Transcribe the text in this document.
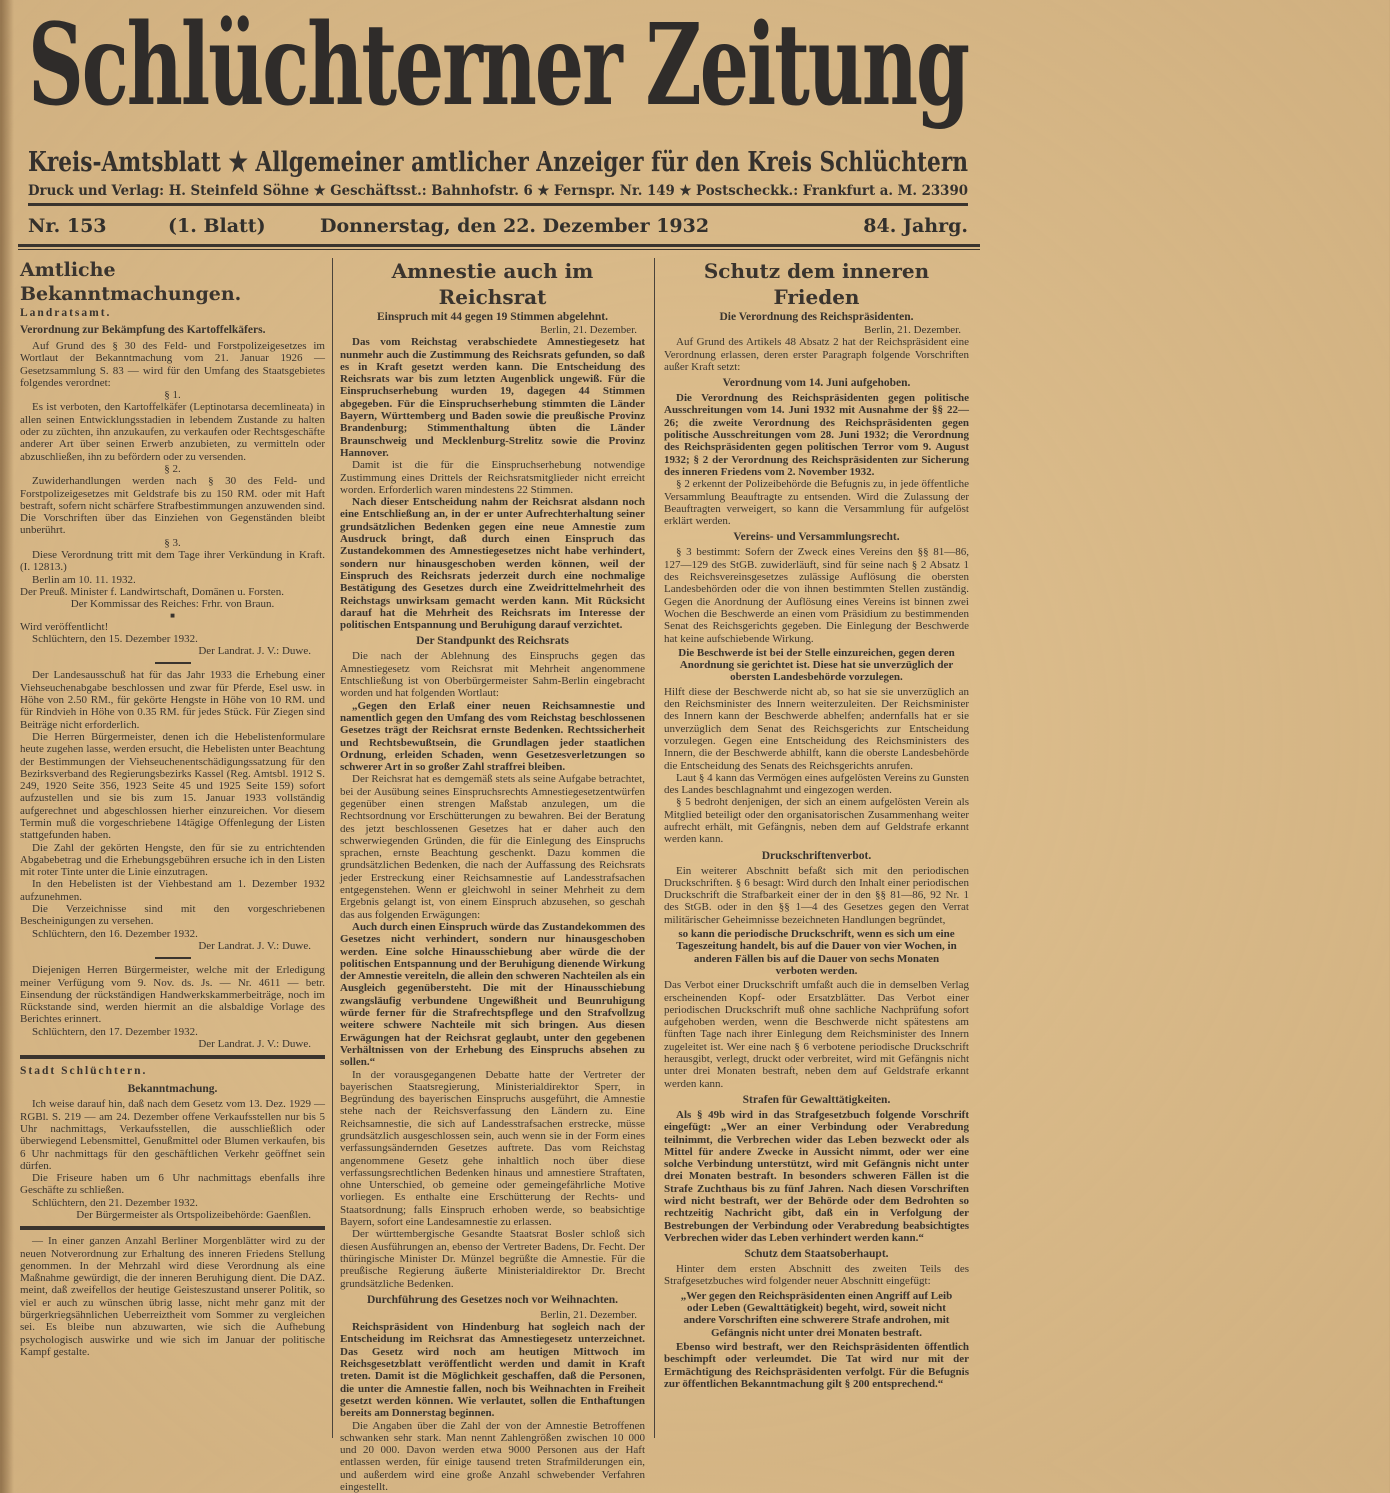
Schlüchterner Zeitung
Kreis-Amtsblatt ★ Allgemeiner amtlicher Anzeiger für den Kreis Schlüchtern
Druck und Verlag: H. Steinfeld Söhne ★ Geschäftsst.: Bahnhofstr. 6 ★ Fernspr. Nr. 149 ★ Postscheckk.: Frankfurt a. M. 23390
Nr. 153	(1. Blatt)	Donnerstag, den 22. Dezember 1932	84. Jahrg.
Amtliche Bekanntmachungen.
Landratsamt.
Verordnung zur Bekämpfung des Kartoffelkäfers.
Auf Grund des § 30 des Feld- und Forstpolizeigesetzes im Wortlaut der Bekanntmachung vom 21. Januar 1926 — Gesetzsammlung S. 83 — wird für den Umfang des Staatsgebietes folgendes verordnet:
§ 1.
Es ist verboten, den Kartoffelkäfer (Leptinotarsa decemlineata) in allen seinen Entwicklungsstadien in lebendem Zustande zu halten oder zu züchten, ihn anzukaufen, zu verkaufen oder Rechtsgeschäfte anderer Art über seinen Erwerb anzubieten, zu vermitteln oder abzuschließen, ihn zu befördern oder zu versenden.
§ 2.
Zuwiderhandlungen werden nach § 30 des Feld- und Forstpolizeigesetzes mit Geldstrafe bis zu 150 RM. oder mit Haft bestraft, sofern nicht schärfere Strafbestimmungen anzuwenden sind. Die Vorschriften über das Einziehen von Gegenständen bleibt unberührt.
§ 3.
Diese Verordnung tritt mit dem Tage ihrer Verkündung in Kraft. (I. 12813.)
Berlin am 10. 11. 1932.
Der Preuß. Minister f. Landwirtschaft, Domänen u. Forsten.
Der Kommissar des Reiches: Frhr. von Braun.
■
Wird veröffentlicht!
Schlüchtern, den 15. Dezember 1932.
Der Landrat. J. V.: Duwe.
Der Landesausschuß hat für das Jahr 1933 die Erhebung einer Viehseuchenabgabe beschlossen und zwar für Pferde, Esel usw. in Höhe von 2.50 RM., für gekörte Hengste in Höhe von 10 RM. und für Rindvieh in Höhe von 0.35 RM. für jedes Stück. Für Ziegen sind Beiträge nicht erforderlich.
Die Herren Bürgermeister, denen ich die Hebelistenformulare heute zugehen lasse, werden ersucht, die Hebelisten unter Beachtung der Bestimmungen der Viehseuchenentschädigungssatzung für den Bezirksverband des Regierungsbezirks Kassel (Reg. Amtsbl. 1912 S. 249, 1920 Seite 356, 1923 Seite 45 und 1925 Seite 159) sofort aufzustellen und sie bis zum 15. Januar 1933 vollständig aufgerechnet und abgeschlossen hierher einzureichen. Vor diesem Termin muß die vorgeschriebene 14tägige Offenlegung der Listen stattgefunden haben.
Die Zahl der gekörten Hengste, den für sie zu entrichtenden Abgabebetrag und die Erhebungsgebühren ersuche ich in den Listen mit roter Tinte unter die Linie einzutragen.
In den Hebelisten ist der Viehbestand am 1. Dezember 1932 aufzunehmen.
Die Verzeichnisse sind mit den vorgeschriebenen Bescheinigungen zu versehen.
Schlüchtern, den 16. Dezember 1932.
Der Landrat. J. V.: Duwe.
Diejenigen Herren Bürgermeister, welche mit der Erledigung meiner Verfügung vom 9. Nov. ds. Js. — Nr. 4611 — betr. Einsendung der rückständigen Handwerkskammerbeiträge, noch im Rückstande sind, werden hiermit an die alsbaldige Vorlage des Berichtes erinnert.
Schlüchtern, den 17. Dezember 1932.
Der Landrat. J. V.: Duwe.
Stadt Schlüchtern.
Bekanntmachung.
Ich weise darauf hin, daß nach dem Gesetz vom 13. Dez. 1929 — RGBl. S. 219 — am 24. Dezember offene Verkaufsstellen nur bis 5 Uhr nachmittags, Verkaufsstellen, die ausschließlich oder überwiegend Lebensmittel, Genußmittel oder Blumen verkaufen, bis 6 Uhr nachmittags für den geschäftlichen Verkehr geöffnet sein dürfen.
Die Friseure haben um 6 Uhr nachmittags ebenfalls ihre Geschäfte zu schließen.
Schlüchtern, den 21. Dezember 1932.
Der Bürgermeister als Ortspolizeibehörde: Gaenßlen.
— In einer ganzen Anzahl Berliner Morgenblätter wird zu der neuen Notverordnung zur Erhaltung des inneren Friedens Stellung genommen. In der Mehrzahl wird diese Verordnung als eine Maßnahme gewürdigt, die der inneren Beruhigung dient. Die DAZ. meint, daß zweifellos der heutige Geisteszustand unserer Politik, so viel er auch zu wünschen übrig lasse, nicht mehr ganz mit der bürgerkriegsähnlichen Ueberreiztheit vom Sommer zu vergleichen sei. Es bleibe nun abzuwarten, wie sich die Aufhebung psychologisch auswirke und wie sich im Januar der politische Kampf gestalte.
Amnestie auch im Reichsrat
Einspruch mit 44 gegen 19 Stimmen abgelehnt.
Berlin, 21. Dezember.
Das vom Reichstag verabschiedete Amnestiegesetz hat nunmehr auch die Zustimmung des Reichsrats gefunden, so daß es in Kraft gesetzt werden kann. Die Entscheidung des Reichsrats war bis zum letzten Augenblick ungewiß. Für die Einspruchserhebung wurden 19, dagegen 44 Stimmen abgegeben. Für die Einspruchserhebung stimmten die Länder Bayern, Württemberg und Baden sowie die preußische Provinz Brandenburg; Stimmenthaltung übten die Länder Braunschweig und Mecklenburg-Strelitz sowie die Provinz Hannover.
Damit ist die für die Einspruchserhebung notwendige Zustimmung eines Drittels der Reichsratsmitglieder nicht erreicht worden. Erforderlich waren mindestens 22 Stimmen.
Nach dieser Entscheidung nahm der Reichsrat alsdann noch eine Entschließung an, in der er unter Aufrechterhaltung seiner grundsätzlichen Bedenken gegen eine neue Amnestie zum Ausdruck bringt, daß durch einen Einspruch das Zustandekommen des Amnestiegesetzes nicht habe verhindert, sondern nur hinausgeschoben werden können, weil der Einspruch des Reichsrats jederzeit durch eine nochmalige Bestätigung des Gesetzes durch eine Zweidrittelmehrheit des Reichstags unwirksam gemacht werden kann. Mit Rücksicht darauf hat die Mehrheit des Reichsrats im Interesse der politischen Entspannung und Beruhigung darauf verzichtet.
Der Standpunkt des Reichsrats
Die nach der Ablehnung des Einspruchs gegen das Amnestiegesetz vom Reichsrat mit Mehrheit angenommene Entschließung ist von Oberbürgermeister Sahm-Berlin eingebracht worden und hat folgenden Wortlaut:
„Gegen den Erlaß einer neuen Reichsamnestie und namentlich gegen den Umfang des vom Reichstag beschlossenen Gesetzes trägt der Reichsrat ernste Bedenken. Rechtssicherheit und Rechtsbewußtsein, die Grundlagen jeder staatlichen Ordnung, erleiden Schaden, wenn Gesetzesverletzungen so schwerer Art in so großer Zahl straffrei bleiben.
Der Reichsrat hat es demgemäß stets als seine Aufgabe betrachtet, bei der Ausübung seines Einspruchsrechts Amnestiegesetzentwürfen gegenüber einen strengen Maßstab anzulegen, um die Rechtsordnung vor Erschütterungen zu bewahren. Bei der Beratung des jetzt beschlossenen Gesetzes hat er daher auch den schwerwiegenden Gründen, die für die Einlegung des Einspruchs sprachen, ernste Beachtung geschenkt. Dazu kommen die grundsätzlichen Bedenken, die nach der Auffassung des Reichsrats jeder Erstreckung einer Reichsamnestie auf Landesstrafsachen entgegenstehen. Wenn er gleichwohl in seiner Mehrheit zu dem Ergebnis gelangt ist, von einem Einspruch abzusehen, so geschah das aus folgenden Erwägungen:
Auch durch einen Einspruch würde das Zustandekommen des Gesetzes nicht verhindert, sondern nur hinausgeschoben werden. Eine solche Hinausschiebung aber würde die der politischen Entspannung und der Beruhigung dienende Wirkung der Amnestie vereiteln, die allein den schweren Nachteilen als ein Ausgleich gegenübersteht. Die mit der Hinausschiebung zwangsläufig verbundene Ungewißheit und Beunruhigung würde ferner für die Strafrechtspflege und den Strafvollzug weitere schwere Nachteile mit sich bringen. Aus diesen Erwägungen hat der Reichsrat geglaubt, unter den gegebenen Verhältnissen von der Erhebung des Einspruchs absehen zu sollen.“
In der vorausgegangenen Debatte hatte der Vertreter der bayerischen Staatsregierung, Ministerialdirektor Sperr, in Begründung des bayerischen Einspruchs ausgeführt, die Amnestie stehe nach der Reichsverfassung den Ländern zu. Eine Reichsamnestie, die sich auf Landesstrafsachen erstrecke, müsse grundsätzlich ausgeschlossen sein, auch wenn sie in der Form eines verfassungsändernden Gesetzes auftrete. Das vom Reichstag angenommene Gesetz gehe inhaltlich noch über diese verfassungsrechtlichen Bedenken hinaus und amnestiere Straftaten, ohne Unterschied, ob gemeine oder gemeingefährliche Motive vorliegen. Es enthalte eine Erschütterung der Rechts- und Staatsordnung; falls Einspruch erhoben werde, so beabsichtige Bayern, sofort eine Landesamnestie zu erlassen.
Der württembergische Gesandte Staatsrat Bosler schloß sich diesen Ausführungen an, ebenso der Vertreter Badens, Dr. Fecht. Der thüringische Minister Dr. Münzel begrüßte die Amnestie. Für die preußische Regierung äußerte Ministerialdirektor Dr. Brecht grundsätzliche Bedenken.
Durchführung des Gesetzes noch vor Weihnachten.
Berlin, 21. Dezember.
Reichspräsident von Hindenburg hat sogleich nach der Entscheidung im Reichsrat das Amnestiegesetz unterzeichnet. Das Gesetz wird noch am heutigen Mittwoch im Reichsgesetzblatt veröffentlicht werden und damit in Kraft treten. Damit ist die Möglichkeit geschaffen, daß die Personen, die unter die Amnestie fallen, noch bis Weihnachten in Freiheit gesetzt werden können. Wie verlautet, sollen die Enthaftungen bereits am Donnerstag beginnen.
Die Angaben über die Zahl der von der Amnestie Betroffenen schwanken sehr stark. Man nennt Zahlengrößen zwischen 10 000 und 20 000. Davon werden etwa 9000 Personen aus der Haft entlassen werden, für einige tausend treten Strafmilderungen ein, und außerdem wird eine große Anzahl schwebender Verfahren eingestellt.
Schutz dem inneren Frieden
Die Verordnung des Reichspräsidenten.
Berlin, 21. Dezember.
Auf Grund des Artikels 48 Absatz 2 hat der Reichspräsident eine Verordnung erlassen, deren erster Paragraph folgende Vorschriften außer Kraft setzt:
Verordnung vom 14. Juni aufgehoben.
Die Verordnung des Reichspräsidenten gegen politische Ausschreitungen vom 14. Juni 1932 mit Ausnahme der §§ 22—26; die zweite Verordnung des Reichspräsidenten gegen politische Ausschreitungen vom 28. Juni 1932; die Verordnung des Reichspräsidenten gegen politischen Terror vom 9. August 1932; § 2 der Verordnung des Reichspräsidenten zur Sicherung des inneren Friedens vom 2. November 1932.
§ 2 erkennt der Polizeibehörde die Befugnis zu, in jede öffentliche Versammlung Beauftragte zu entsenden. Wird die Zulassung der Beauftragten verweigert, so kann die Versammlung für aufgelöst erklärt werden.
Vereins- und Versammlungsrecht.
§ 3 bestimmt: Sofern der Zweck eines Vereins den §§ 81—86, 127—129 des StGB. zuwiderläuft, sind für seine nach § 2 Absatz 1 des Reichsvereinsgesetzes zulässige Auflösung die obersten Landesbehörden oder die von ihnen bestimmten Stellen zuständig. Gegen die Anordnung der Auflösung eines Vereins ist binnen zwei Wochen die Beschwerde an einen vom Präsidium zu bestimmenden Senat des Reichsgerichts gegeben. Die Einlegung der Beschwerde hat keine aufschiebende Wirkung.
Die Beschwerde ist bei der Stelle einzureichen, gegen deren Anordnung sie gerichtet ist. Diese hat sie unverzüglich der obersten Landesbehörde vorzulegen.
Hilft diese der Beschwerde nicht ab, so hat sie sie unverzüglich an den Reichsminister des Innern weiterzuleiten. Der Reichsminister des Innern kann der Beschwerde abhelfen; andernfalls hat er sie unverzüglich dem Senat des Reichsgerichts zur Entscheidung vorzulegen. Gegen eine Entscheidung des Reichsministers des Innern, die der Beschwerde abhilft, kann die oberste Landesbehörde die Entscheidung des Senats des Reichsgerichts anrufen.
Laut § 4 kann das Vermögen eines aufgelösten Vereins zu Gunsten des Landes beschlagnahmt und eingezogen werden.
§ 5 bedroht denjenigen, der sich an einem aufgelösten Verein als Mitglied beteiligt oder den organisatorischen Zusammenhang weiter aufrecht erhält, mit Gefängnis, neben dem auf Geldstrafe erkannt werden kann.
Druckschriftenverbot.
Ein weiterer Abschnitt befaßt sich mit den periodischen Druckschriften. § 6 besagt: Wird durch den Inhalt einer periodischen Druckschrift die Strafbarkeit einer der in den §§ 81—86, 92 Nr. 1 des StGB. oder in den §§ 1—4 des Gesetzes gegen den Verrat militärischer Geheimnisse bezeichneten Handlungen begründet,
so kann die periodische Druckschrift, wenn es sich um eine Tageszeitung handelt, bis auf die Dauer von vier Wochen, in anderen Fällen bis auf die Dauer von sechs Monaten verboten werden.
Das Verbot einer Druckschrift umfaßt auch die in demselben Verlag erscheinenden Kopf- oder Ersatzblätter. Das Verbot einer periodischen Druckschrift muß ohne sachliche Nachprüfung sofort aufgehoben werden, wenn die Beschwerde nicht spätestens am fünften Tage nach ihrer Einlegung dem Reichsminister des Innern zugeleitet ist. Wer eine nach § 6 verbotene periodische Druckschrift herausgibt, verlegt, druckt oder verbreitet, wird mit Gefängnis nicht unter drei Monaten bestraft, neben dem auf Geldstrafe erkannt werden kann.
Strafen für Gewalttätigkeiten.
Als § 49b wird in das Strafgesetzbuch folgende Vorschrift eingefügt: „Wer an einer Verbindung oder Verabredung teilnimmt, die Verbrechen wider das Leben bezweckt oder als Mittel für andere Zwecke in Aussicht nimmt, oder wer eine solche Verbindung unterstützt, wird mit Gefängnis nicht unter drei Monaten bestraft. In besonders schweren Fällen ist die Strafe Zuchthaus bis zu fünf Jahren. Nach diesen Vorschriften wird nicht bestraft, wer der Behörde oder dem Bedrohten so rechtzeitig Nachricht gibt, daß ein in Verfolgung der Bestrebungen der Verbindung oder Verabredung beabsichtigtes Verbrechen wider das Leben verhindert werden kann.“
Schutz dem Staatsoberhaupt.
Hinter dem ersten Abschnitt des zweiten Teils des Strafgesetzbuches wird folgender neuer Abschnitt eingefügt:
„Wer gegen den Reichspräsidenten einen Angriff auf Leib oder Leben (Gewalttätigkeit) begeht, wird, soweit nicht andere Vorschriften eine schwerere Strafe androhen, mit Gefängnis nicht unter drei Monaten bestraft.
Ebenso wird bestraft, wer den Reichspräsidenten öffentlich beschimpft oder verleumdet. Die Tat wird nur mit der Ermächtigung des Reichspräsidenten verfolgt. Für die Befugnis zur öffentlichen Bekanntmachung gilt § 200 entsprechend.“
